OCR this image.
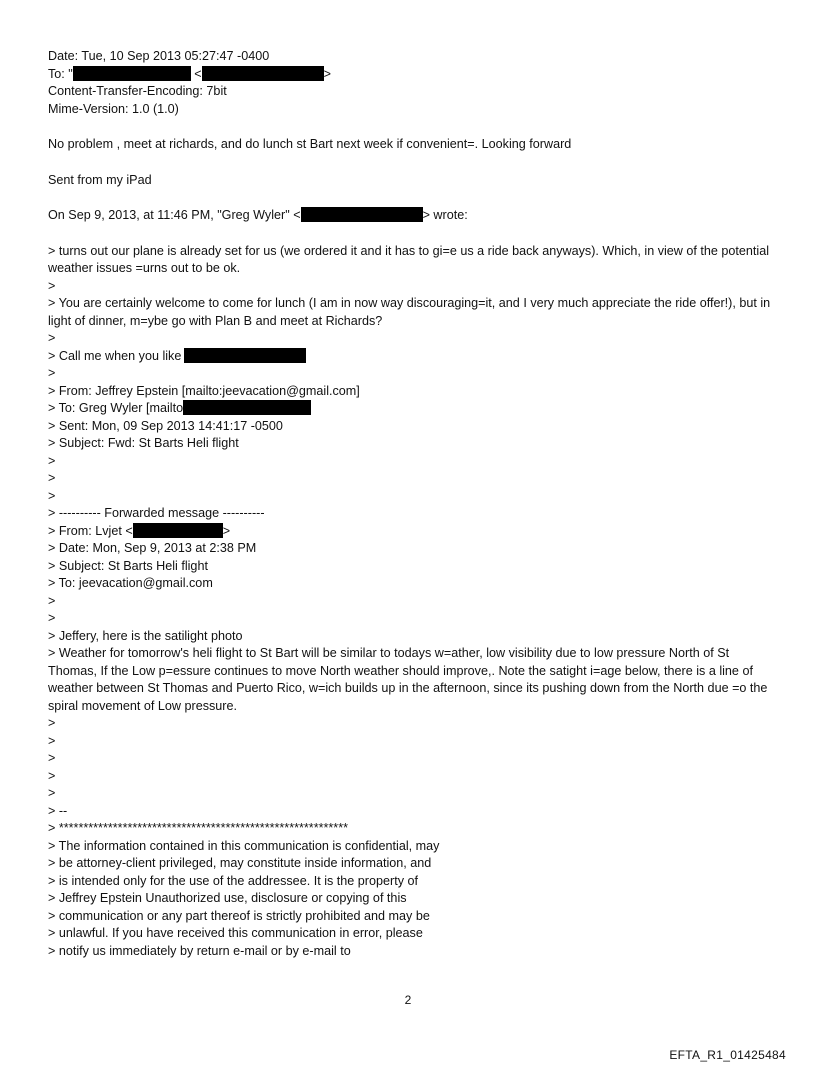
Date: Tue, 10 Sep 2013 05:27:47 -0400
To: "	<	>
Content-Transfer-Encoding: 7bit
Mime-Version: 1.0 (1.0)
No problem , meet at richards, and do lunch st Bart next week if convenient=. Looking forward
Sent from my iPad
On Sep 9, 2013, at 11:46 PM, "Greg Wyler" <	> wrote:
> turns out our plane is already set for us (we ordered it and it has to gi=e us a ride back anyways). Which, in view of the potential weather issues =urns out to be ok.
>
> You are certainly welcome to come for lunch (I am in now way discouraging=it, and I very much appreciate the ride offer!), but in light of dinner, m=ybe go with Plan B and meet at Richards?
>
> Call me when you like
>
> From: Jeffrey Epstein [mailto:jeevacation@gmail.com]
> To: Greg Wyler [mailto
> Sent: Mon, 09 Sep 2013 14:41:17 -0500
> Subject: Fwd: St Barts Heli flight
>
>
>
> ---------- Forwarded message ----------
> From: Lvjet <	>
> Date: Mon, Sep 9, 2013 at 2:38 PM
> Subject: St Barts Heli flight
> To: jeevacation@gmail.com
>
>
> Jeffery, here is the satilight photo
> Weather for tomorrow's heli flight to St Bart will be similar to todays w=ather, low visibility due to low pressure North of St Thomas, If the Low p=essure continues to move North weather should improve,. Note the satight i=age below, there is a line of weather between St Thomas and Puerto Rico, w=ich builds up in the afternoon, since its pushing down from the North due =o the spiral movement of Low pressure.
>
>
>
>
>
> --
> ***********************************************************
> The information contained in this communication is confidential, may
> be attorney-client privileged, may constitute inside information, and
> is intended only for the use of the addressee. It is the property of
> Jeffrey Epstein Unauthorized use, disclosure or copying of this
> communication or any part thereof is strictly prohibited and may be
> unlawful. If you have received this communication in error, please
> notify us immediately by return e-mail or by e-mail to
2
EFTA_R1_01425484
